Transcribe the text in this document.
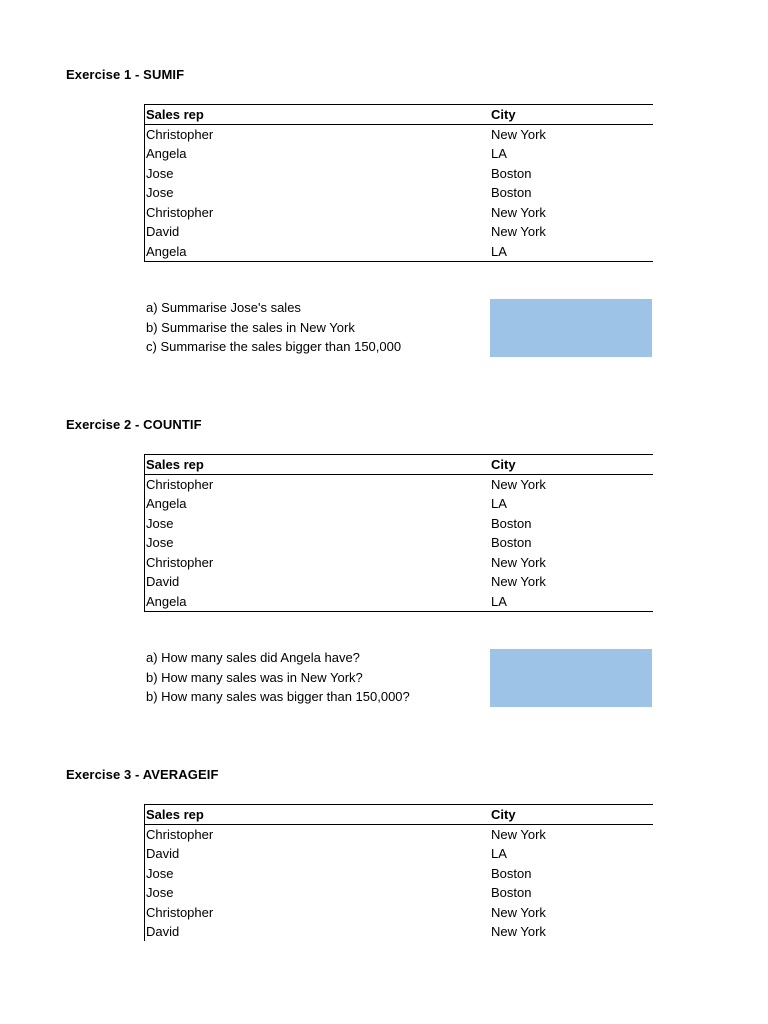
Exercise 1 - SUMIF
Sales rep	City
Christopher	New York
Angela	LA
Jose	Boston
Jose	Boston
Christopher	New York
David	New York
Angela	LA
a) Summarise Jose's sales
b) Summarise the sales in New York
c) Summarise the sales bigger than 150,000
Exercise 2 - COUNTIF
Sales rep	City
Christopher	New York
Angela	LA
Jose	Boston
Jose	Boston
Christopher	New York
David	New York
Angela	LA
a) How many sales did Angela have?
b) How many sales was in New York?
b) How many sales was bigger than 150,000?
Exercise 3 - AVERAGEIF
Sales rep	City
Christopher	New York
David	LA
Jose	Boston
Jose	Boston
Christopher	New York
David	New York
